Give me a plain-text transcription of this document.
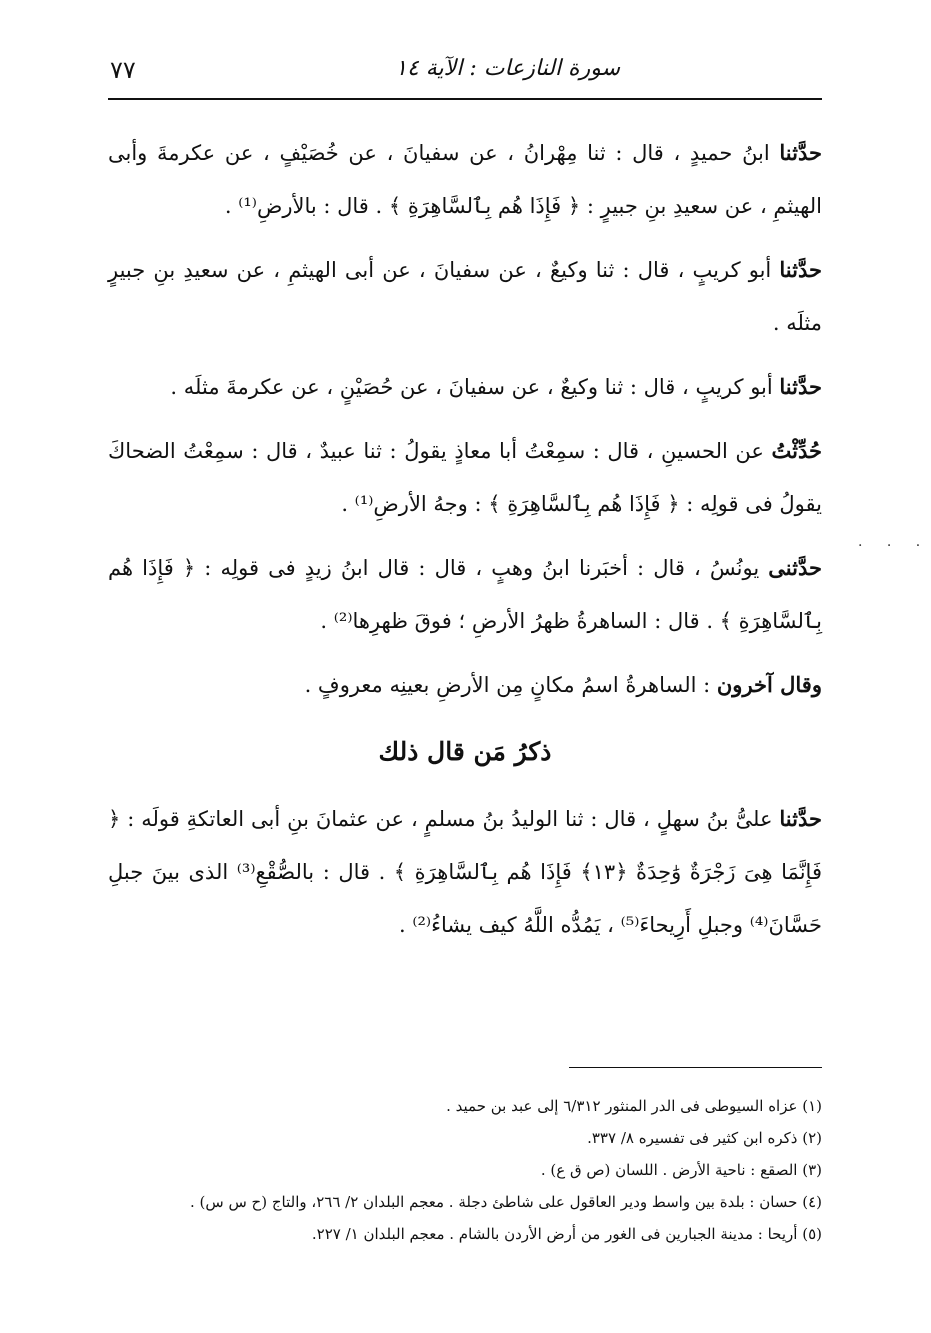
٧٧	سورة النازعات : الآية ١٤
· · ·

حدَّثنا ابنُ حميدٍ ، قال : ثنا مِهْرانُ ، عن سفيانَ ، عن خُصَيْفٍ ، عن عكرمةَ وأبى الهيثمِ ، عن سعيدِ بنِ جبيرٍ : ﴿ فَإِذَا هُم بِٱلسَّاهِرَةِ ﴾ . قال : بالأرضِ⁽¹⁾ .

حدَّثنا أبو كريبٍ ، قال : ثنا وكيعٌ ، عن سفيانَ ، عن أبى الهيثمِ ، عن سعيدِ بنِ جبيرٍ مثلَه .

حدَّثنا أبو كريبٍ ، قال : ثنا وكيعٌ ، عن سفيانَ ، عن حُصَيْنٍ ، عن عكرمةَ مثلَه .

حُدِّثْتُ عن الحسينِ ، قال : سمِعْتُ أبا معاذٍ يقولُ : ثنا عبيدٌ ، قال : سمِعْتُ الضحاكَ يقولُ فى قولِه : ﴿ فَإِذَا هُم بِٱلسَّاهِرَةِ ﴾ : وجهُ الأرضِ⁽¹⁾ .

حدَّثنى يونُسُ ، قال : أخبَرنا ابنُ وهبٍ ، قال : قال ابنُ زيدٍ فى قولِه : ﴿ فَإِذَا هُم بِٱلسَّاهِرَةِ ﴾ . قال : الساهرةُ ظهرُ الأرضِ ؛ فوقَ ظهرِها⁽²⁾ .

وقال آخرون : الساهرةُ اسمُ مكانٍ مِن الأرضِ بعينِه معروفٍ .

ذكرُ مَن قال ذلك

حدَّثنا علىُّ بنُ سهلٍ ، قال : ثنا الوليدُ بنُ مسلمٍ ، عن عثمانَ بنِ أبى العاتكةِ قولَه : ﴿ فَإِنَّمَا هِىَ زَجْرَةٌ وَٰحِدَةٌ ﴿١٣﴾ فَإِذَا هُم بِٱلسَّاهِرَةِ ﴾ . قال : بالصُّقْعِ⁽³⁾ الذى بينَ جبلِ حَسَّانَ⁽⁴⁾ وجبلِ أَرِيحاءَ⁽⁵⁾ ، يَمُدُّه اللَّهُ كيف يشاءُ⁽²⁾ .

(١) عزاه السيوطى فى الدر المنثور ٦/٣١٢ إلى عبد بن حميد .

(٢) ذكره ابن كثير فى تفسيره ٨/ ٣٣٧.

(٣) الصقع : ناحية الأرض . اللسان (ص ق ع) .

(٤) حسان : بلدة بين واسط ودير العاقول على شاطئ دجلة . معجم البلدان ٢/ ٢٦٦، والتاج (ح س س) .

(٥) أريحا : مدينة الجبارين فى الغور من أرض الأردن بالشام . معجم البلدان ١/ ٢٢٧.
